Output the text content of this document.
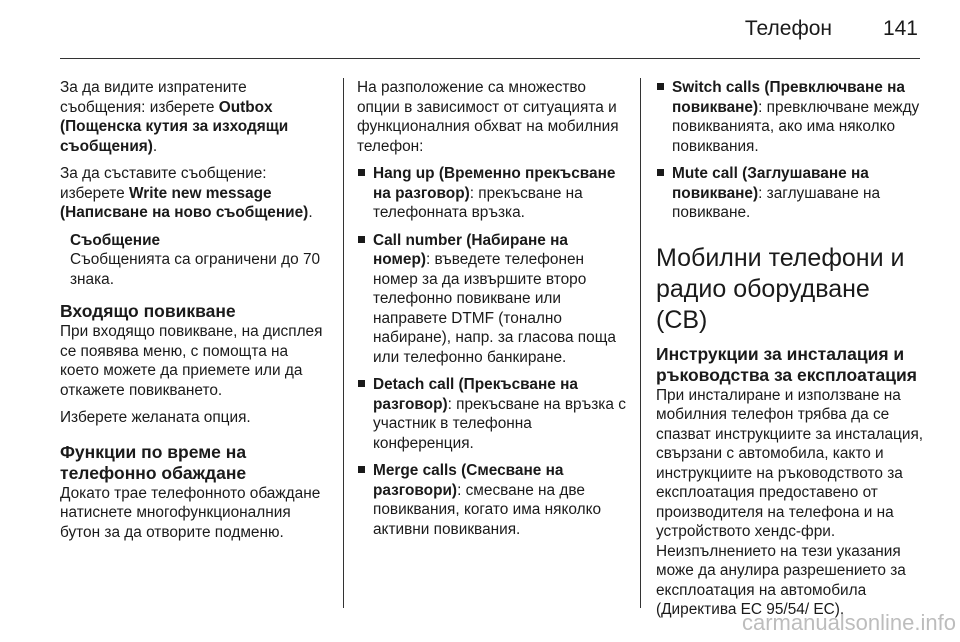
Телефон 141

За да видите изпратените съобщения: изберете Outbox (Пощенска кутия за изходящи съобщения).

За да съставите съобщение: изберете Write new message (Написване на ново съобщение).

Съобщение

Съобщенията са ограничени до 70 знака.

Входящо повикване

При входящо повикване, на дисплея се появява меню, с помощта на което можете да приемете или да откажете повикването.

Изберете желаната опция.

Функции по време на телефонно обаждане

Докато трае телефонното обаждане натиснете многофункционалния бутон за да отворите подменю.

На разположение са множество опции в зависимост от ситуацията и функционалния обхват на мобилния телефон:

Hang up (Временно прекъсване на разговор): прекъсване на телефонната връзка.
Call number (Набиране на номер): въведете телефонен номер за да извършите второ телефонно повикване или направете DTMF (тонално набиране), напр. за гласова поща или телефонно банкиране.
Detach call (Прекъсване на разговор): прекъсване на връзка с участник в телефонна конференция.
Merge calls (Смесване на разговори): смесване на две повиквания, когато има няколко активни повиквания.
Switch calls (Превключване на повикване): превключване между повикванията, ако има няколко повиквания.
Mute call (Заглушаване на повикване): заглушаване на повикване.
Мобилни телефони и радио оборудване (CB)
Инструкции за инсталация и ръководства за експлоатация

При инсталиране и използване на мобилния телефон трябва да се спазват инструкциите за инсталация, свързани с автомобила, както и инструкциите на ръководството за експлоатация предоставено от производителя на телефона и на устройството хендс-фри. Неизпълнението на тези указания може да анулира разрешението за експлоатация на автомобила (Директива ЕС 95/54/ ЕС).

carmanualsonline.info
